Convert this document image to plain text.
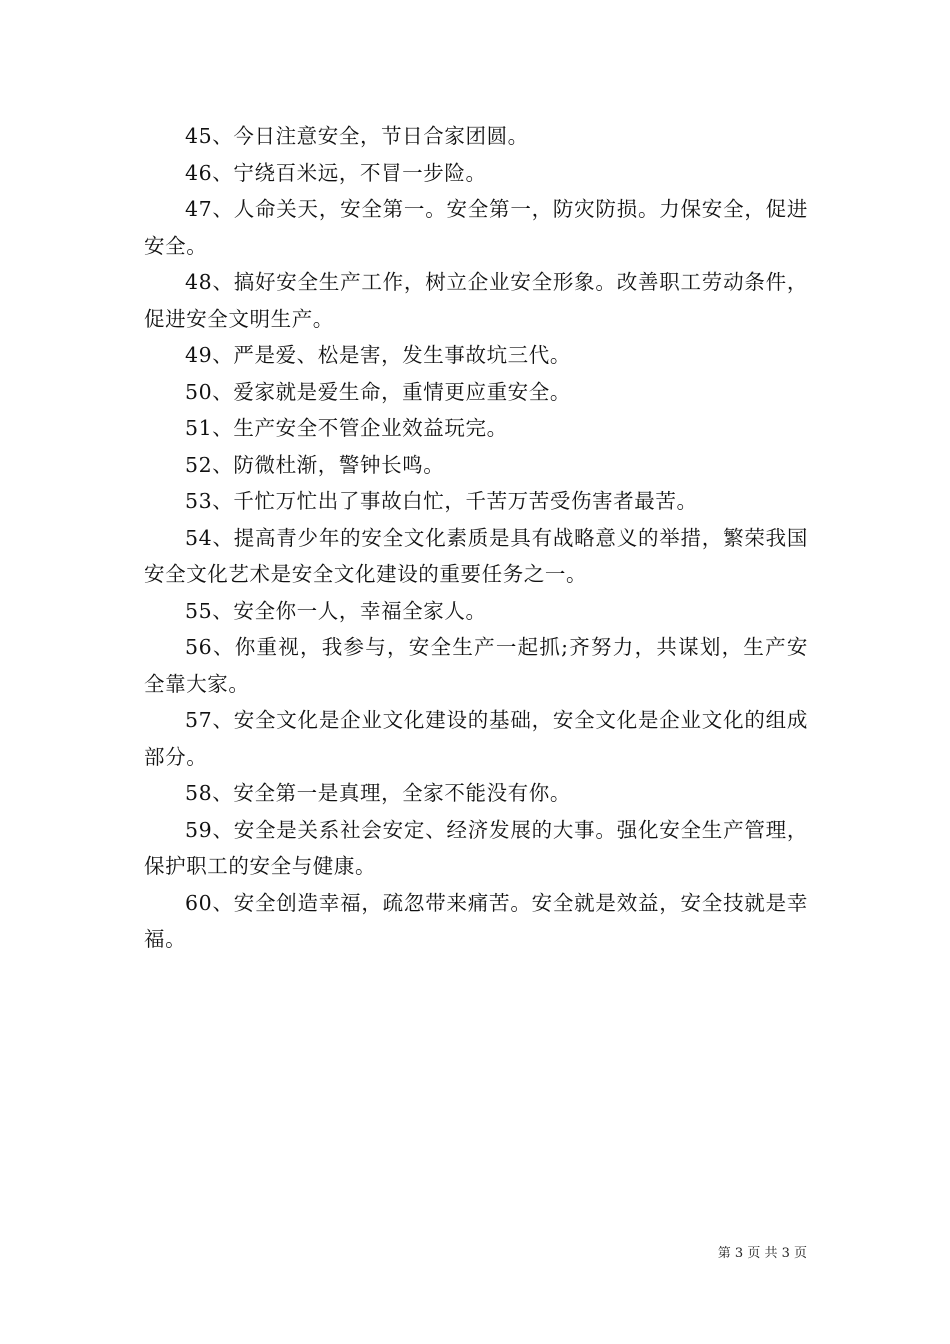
45、今日注意安全，节日合家团圆。

46、宁绕百米远，不冒一步险。

47、人命关天，安全第一。安全第一，防灾防损。力保安全，促进安全。

48、搞好安全生产工作，树立企业安全形象。改善职工劳动条件，促进安全文明生产。

49、严是爱、松是害，发生事故坑三代。

50、爱家就是爱生命，重情更应重安全。

51、生产安全不管企业效益玩完。

52、防微杜渐，警钟长鸣。

53、千忙万忙出了事故白忙，千苦万苦受伤害者最苦。

54、提高青少年的安全文化素质是具有战略意义的举措，繁荣我国安全文化艺术是安全文化建设的重要任务之一。

55、安全你一人，幸福全家人。

56、你重视，我参与，安全生产一起抓;齐努力，共谋划，生产安全靠大家。

57、安全文化是企业文化建设的基础，安全文化是企业文化的组成部分。

58、安全第一是真理，全家不能没有你。

59、安全是关系社会安定、经济发展的大事。强化安全生产管理，保护职工的安全与健康。

60、安全创造幸福，疏忽带来痛苦。安全就是效益，安全技就是幸福。

第 3 页 共 3 页
